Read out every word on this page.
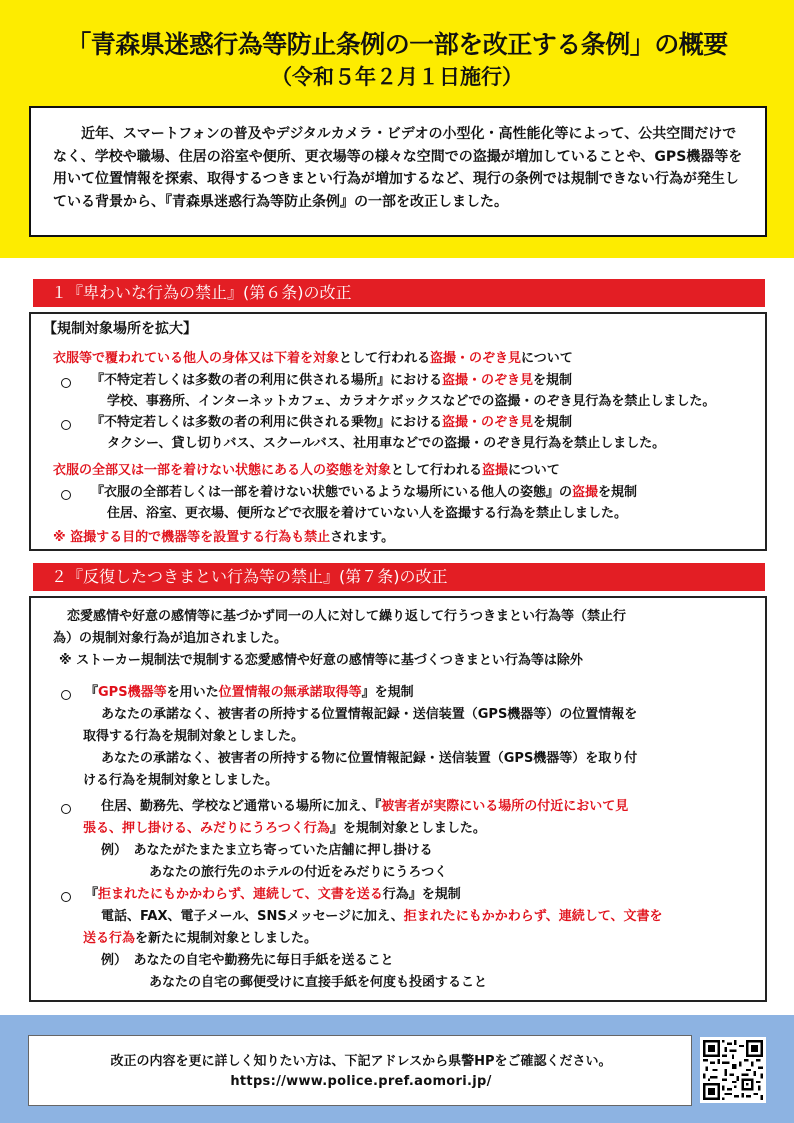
「青森県迷惑行為等防止条例の一部を改正する条例」の概要
（令和５年２月１日施行）

近年、スマートフォンの普及やデジタルカメラ・ビデオの小型化・高性能化等によって、公共空間だけでなく、学校や職場、住居の浴室や便所、更衣場等の様々な空間での盗撮が増加していることや、GPS機器等を用いて位置情報を探索、取得するつきまとい行為が増加するなど、現行の条例では規制できない行為が発生している背景から、『青森県迷惑行為等防止条例』の一部を改正しました。

１『卑わいな行為の禁止』(第６条)の改正
【規制対象場所を拡大】
衣服等で覆われている他人の身体又は下着を対象として行われる盗撮・のぞき見について
『不特定若しくは多数の者の利用に供される場所』における盗撮・のぞき見を規制
学校、事務所、インターネットカフェ、カラオケボックスなどでの盗撮・のぞき見行為を禁止しました。
『不特定若しくは多数の者の利用に供される乗物』における盗撮・のぞき見を規制
タクシー、貸し切りバス、スクールバス、社用車などでの盗撮・のぞき見行為を禁止しました。
衣服の全部又は一部を着けない状態にある人の姿態を対象として行われる盗撮について
『衣服の全部若しくは一部を着けない状態でいるような場所にいる他人の姿態』の盗撮を規制
住居、浴室、更衣場、便所などで衣服を着けていない人を盗撮する行為を禁止しました。
※ 盗撮する目的で機器等を設置する行為も禁止されます。
２『反復したつきまとい行為等の禁止』(第７条)の改正
恋愛感情や好意の感情等に基づかず同一の人に対して繰り返して行うつきまとい行為等（禁止行
為）の規制対象行為が追加されました。
※ ストーカー規制法で規制する恋愛感情や好意の感情等に基づくつきまとい行為等は除外
『GPS機器等を用いた位置情報の無承諾取得等』を規制
あなたの承諾なく、被害者の所持する位置情報記録・送信装置（GPS機器等）の位置情報を
取得する行為を規制対象としました。
あなたの承諾なく、被害者の所持する物に位置情報記録・送信装置（GPS機器等）を取り付
ける行為を規制対象としました。
住居、勤務先、学校など通常いる場所に加え、『被害者が実際にいる場所の付近において見
張る、押し掛ける、みだりにうろつく行為』を規制対象としました。
例）　あなたがたまたま立ち寄っていた店舗に押し掛ける
あなたの旅行先のホテルの付近をみだりにうろつく
『拒まれたにもかかわらず、連続して、文書を送る行為』を規制
電話、FAX、電子メール、SNSメッセージに加え、拒まれたにもかかわらず、連続して、文書を
送る行為を新たに規制対象としました。
例）　あなたの自宅や勤務先に毎日手紙を送ること
あなたの自宅の郵便受けに直接手紙を何度も投函すること
改正の内容を更に詳しく知りたい方は、下記アドレスから県警HPをご確認ください。
https://www.police.pref.aomori.jp/
